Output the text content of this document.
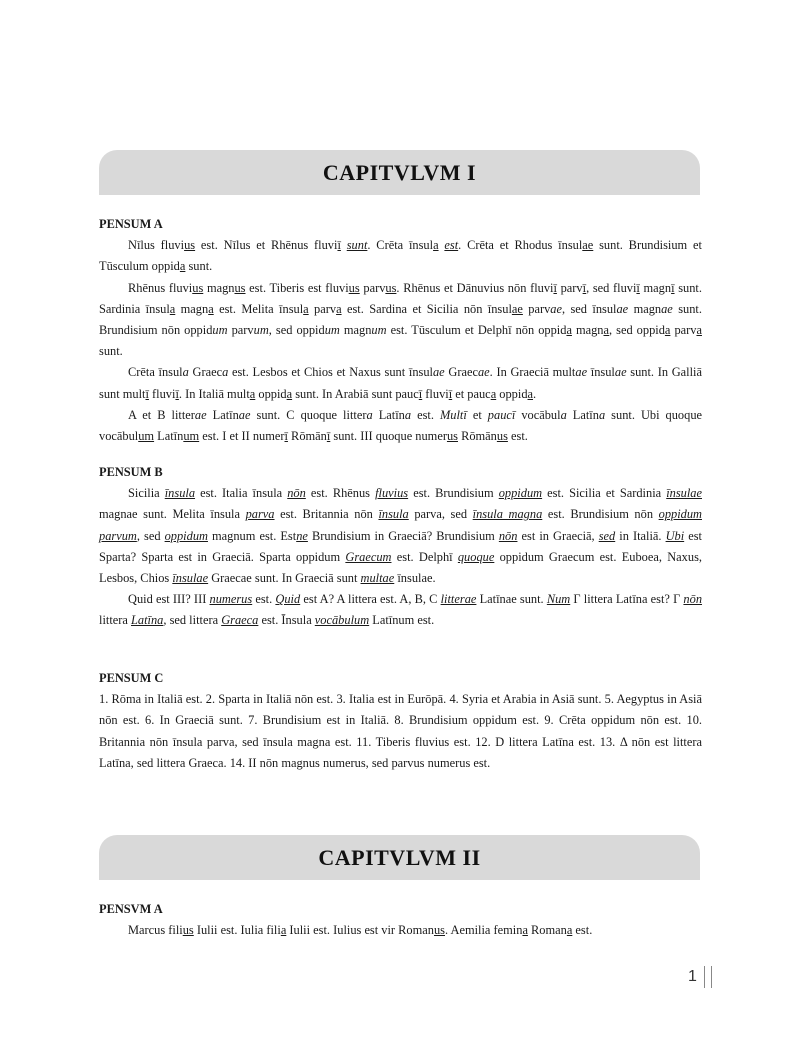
CAPITVLVM I

PENSUM A

Nīlus fluvius est. Nīlus et Rhēnus fluviī sunt. Crēta īnsula est. Crēta et Rhodus īnsulae sunt. Brundisium et Tūsculum oppida sunt.

Rhēnus fluvius magnus est. Tiberis est fluvius parvus. Rhēnus et Dānuvius nōn fluviī parvī, sed fluviī magnī sunt. Sardinia īnsula magna est. Melita īnsula parva est. Sardina et Sicilia nōn īnsulae parvae, sed īnsulae magnae sunt. Brundisium nōn oppidum parvum, sed oppidum magnum est. Tūsculum et Delphī nōn oppida magna, sed oppida parva sunt.

Crēta īnsula Graeca est. Lesbos et Chios et Naxus sunt īnsulae Graecae. In Graeciā multae īnsulae sunt. In Galliā sunt multī fluviī. In Italiā multa oppida sunt. In Arabiā sunt paucī fluviī et pauca oppida.

A et B litterae Latīnae sunt. C quoque littera Latīna est. Multī et paucī vocābula Latīna sunt. Ubi quoque vocābulum Latīnum est. I et II numerī Rōmānī sunt. III quoque numerus Rōmānus est.

PENSUM B

Sicilia īnsula est. Italia īnsula nōn est. Rhēnus fluvius est. Brundisium oppidum est. Sicilia et Sardinia īnsulae magnae sunt. Melita īnsula parva est. Britannia nōn īnsula parva, sed īnsula magna est. Brundisium nōn oppidum parvum, sed oppidum magnum est. Estne Brundisium in Graeciā? Brundisium nōn est in Graeciā, sed in Italiā. Ubi est Sparta? Sparta est in Graeciā. Sparta oppidum Graecum est. Delphī quoque oppidum Graecum est. Euboea, Naxus, Lesbos, Chios īnsulae Graecae sunt. In Graeciā sunt multae īnsulae.

Quid est III? III numerus est. Quid est A? A littera est. A, B, C litterae Latīnae sunt. Num Γ littera Latīna est? Γ nōn littera Latīna, sed littera Graeca est. Īnsula vocābulum Latīnum est.

PENSUM C

1. Rōma in Italiā est. 2. Sparta in Italiā nōn est. 3. Italia est in Eurōpā. 4. Syria et Arabia in Asiā sunt. 5. Aegyptus in Asiā nōn est. 6. In Graeciā sunt. 7. Brundisium est in Italiā. 8. Brundisium oppidum est. 9. Crēta oppidum nōn est. 10. Britannia nōn īnsula parva, sed īnsula magna est. 11. Tiberis fluvius est. 12. D littera Latīna est. 13. Δ nōn est littera Latīna, sed littera Graeca. 14. II nōn magnus numerus, sed parvus numerus est.

CAPITVLVM II

PENSVM A

Marcus filius Iulii est. Iulia filia Iulii est. Iulius est vir Romanus. Aemilia femina Romana est.

1
